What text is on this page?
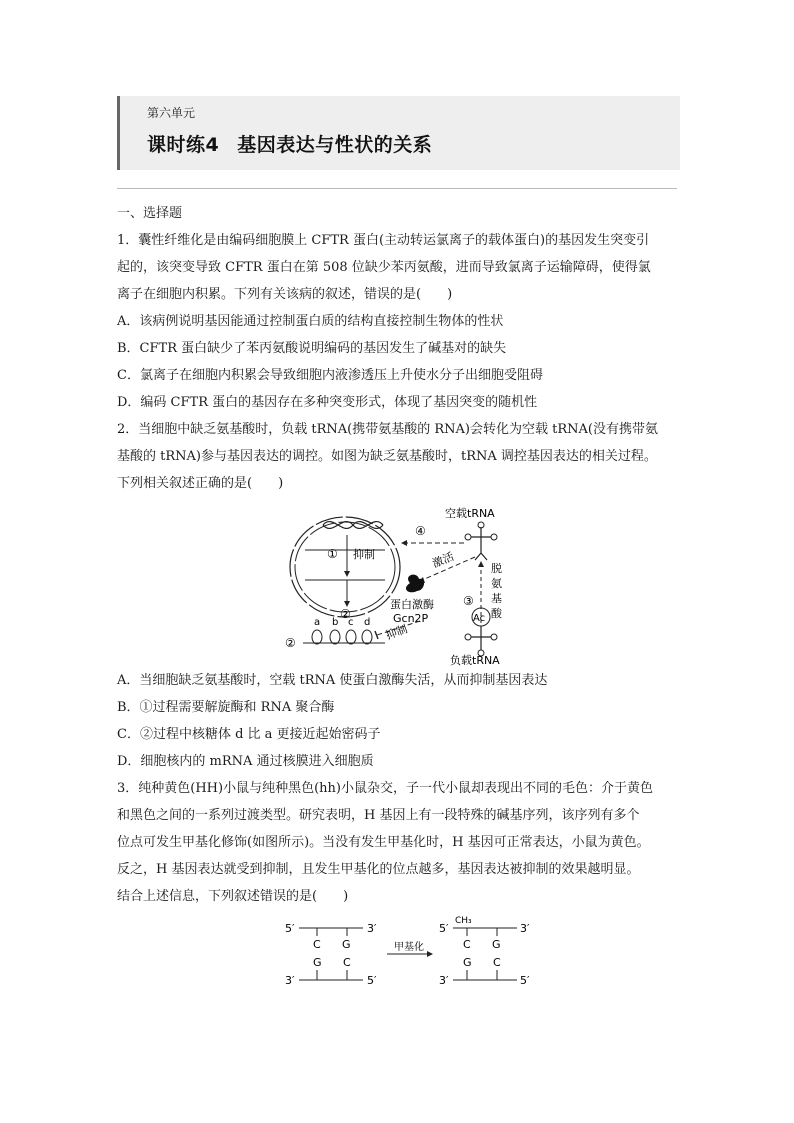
第六单元
课时练4 基因表达与性状的关系
一、选择题
1．囊性纤维化是由编码细胞膜上 CFTR 蛋白(主动转运氯离子的载体蛋白)的基因发生突变引
起的，该突变导致 CFTR 蛋白在第 508 位缺少苯丙氨酸，进而导致氯离子运输障碍，使得氯
离子在细胞内积累。下列有关该病的叙述，错误的是(　　)
A．该病例说明基因能通过控制蛋白质的结构直接控制生物体的性状
B．CFTR 蛋白缺少了苯丙氨酸说明编码的基因发生了碱基对的缺失
C．氯离子在细胞内积累会导致细胞内液渗透压上升使水分子出细胞受阻碍
D．编码 CFTR 蛋白的基因存在多种突变形式，体现了基因突变的随机性
2．当细胞中缺乏氨基酸时，负载 tRNA(携带氨基酸的 RNA)会转化为空载 tRNA(没有携带氨
基酸的 tRNA)参与基因表达的调控。如图为缺乏氨基酸时，tRNA 调控基因表达的相关过程。
下列相关叙述正确的是(　　)
① 抑制
②
②
a b c d
④
空载tRNA
激活
蛋白激酶
Gcn2P
抑制
③
脱
氨
基
酸
Ac
负载tRNA
A．当细胞缺乏氨基酸时，空载 tRNA 使蛋白激酶失活，从而抑制基因表达
B．①过程需要解旋酶和 RNA 聚合酶
C．②过程中核糖体 d 比 a 更接近起始密码子
D．细胞核内的 mRNA 通过核膜进入细胞质
3．纯种黄色(HH)小鼠与纯种黑色(hh)小鼠杂交，子一代小鼠却表现出不同的毛色：介于黄色
和黑色之间的一系列过渡类型。研究表明，H 基因上有一段特殊的碱基序列，该序列有多个
位点可发生甲基化修饰(如图所示)。当没有发生甲基化时，H 基因可正常表达，小鼠为黄色。
反之，H 基因表达就受到抑制，且发生甲基化的位点越多，基因表达被抑制的效果越明显。
结合上述信息，下列叙述错误的是(　　)
5′	3′
C G
G C
3′	5′
甲基化
5′
CH₃
3′
C G
G C
3′	5′
